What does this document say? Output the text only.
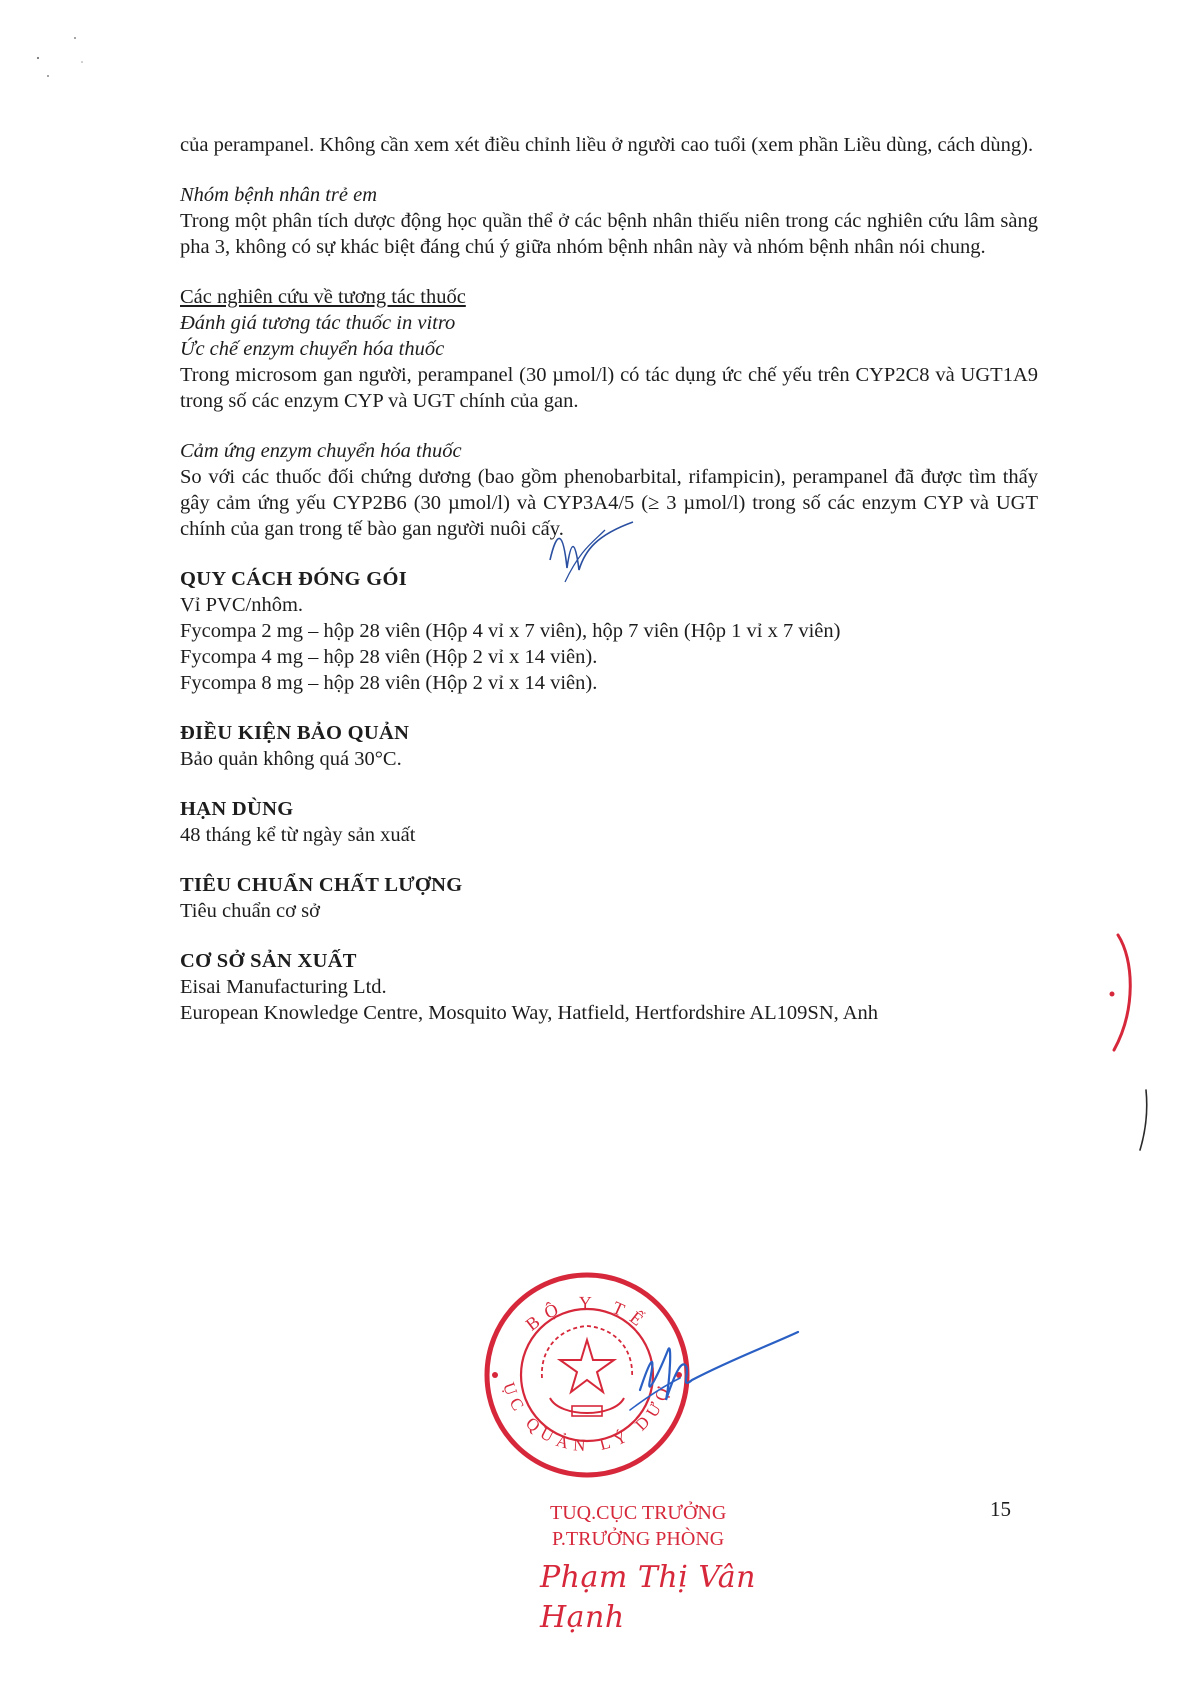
của perampanel. Không cần xem xét điều chỉnh liều ở người cao tuổi (xem phần Liều dùng, cách dùng).

Nhóm bệnh nhân trẻ em

Trong một phân tích dược động học quần thể ở các bệnh nhân thiếu niên trong các nghiên cứu lâm sàng pha 3, không có sự khác biệt đáng chú ý giữa nhóm bệnh nhân này và nhóm bệnh nhân nói chung.

Các nghiên cứu về tương tác thuốc

Đánh giá tương tác thuốc in vitro

Ức chế enzym chuyển hóa thuốc

Trong microsom gan người, perampanel (30 µmol/l) có tác dụng ức chế yếu trên CYP2C8 và UGT1A9 trong số các enzym CYP và UGT chính của gan.

Cảm ứng enzym chuyển hóa thuốc

So với các thuốc đối chứng dương (bao gồm phenobarbital, rifampicin), perampanel đã được tìm thấy gây cảm ứng yếu CYP2B6 (30 µmol/l) và CYP3A4/5 (≥ 3 µmol/l) trong số các enzym CYP và UGT chính của gan trong tế bào gan người nuôi cấy.

QUY CÁCH ĐÓNG GÓI

Vỉ PVC/nhôm.

Fycompa 2 mg – hộp 28 viên (Hộp 4 vỉ x 7 viên), hộp 7 viên (Hộp 1 vỉ x 7 viên)

Fycompa 4 mg – hộp 28 viên (Hộp 2 vỉ x 14 viên).

Fycompa 8 mg – hộp 28 viên (Hộp 2 vỉ x 14 viên).

ĐIỀU KIỆN BẢO QUẢN

Bảo quản không quá 30°C.

HẠN DÙNG

48 tháng kể từ ngày sản xuất

TIÊU CHUẨN CHẤT LƯỢNG

Tiêu chuẩn cơ sở

CƠ SỞ SẢN XUẤT

Eisai Manufacturing Ltd.

European Knowledge Centre, Mosquito Way, Hatfield, Hertfordshire AL109SN, Anh

BỘ Y TẾ
ỤC QUẢN LÝ DƯỢ
15
TUQ.CỤC TRƯỞNG
P.TRƯỞNG PHÒNG
Phạm Thị Vân Hạnh
